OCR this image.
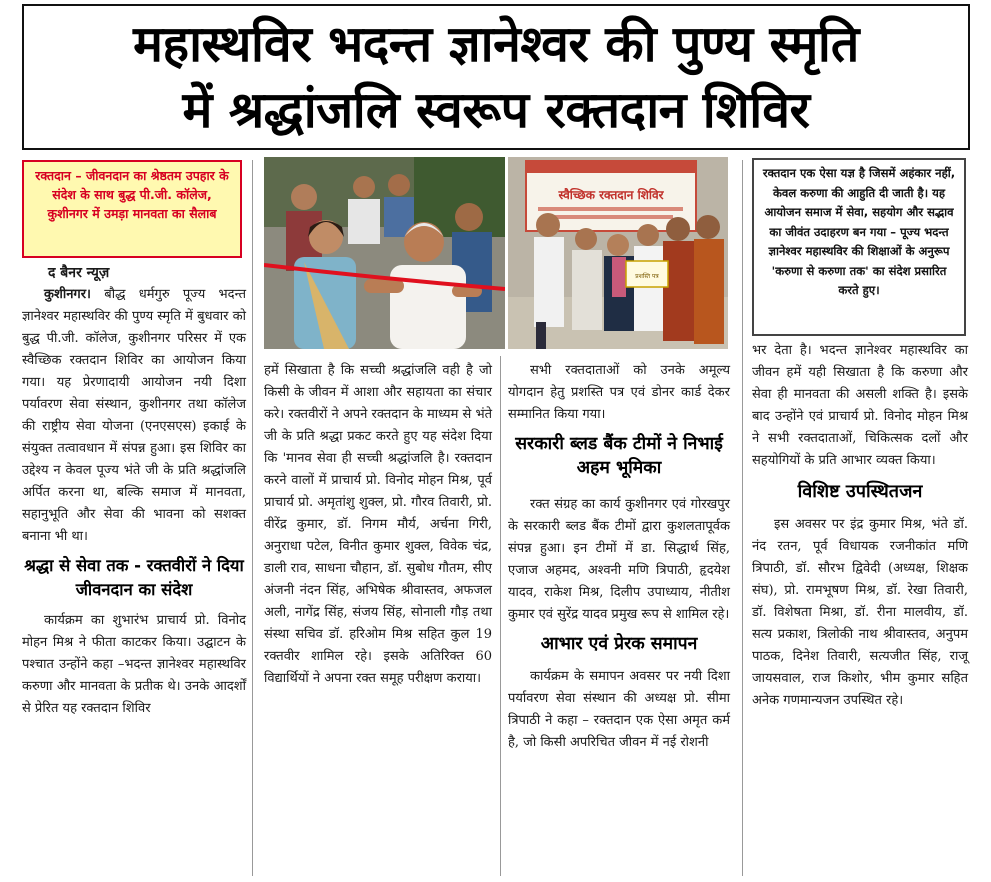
महास्थविर भदन्त ज्ञानेश्वर की पुण्य स्मृति
में श्रद्धांजलि स्वरूप रक्तदान शिविर

रक्तदान – जीवनदान का श्रेष्ठतम उपहार के संदेश के साथ बुद्ध पी.जी. कॉलेज, कुशीनगर में उमड़ा मानवता का सैलाब

स्वैच्छिक रक्तदान शिविर
प्रशस्ति पत्र

रक्तदान एक ऐसा यज्ञ है जिसमें अहंकार नहीं, केवल करुणा की आहुति दी जाती है। यह आयोजन समाज में सेवा, सहयोग और सद्भाव का जीवंत उदाहरण बन गया – पूज्य भदन्त ज्ञानेश्वर महास्थविर की शिक्षाओं के अनुरूप 'करुणा से करुणा तक' का संदेश प्रसारित करते हुए।

द बैनर न्यूज़

कुशीनगर। बौद्ध धर्मगुरु पूज्य भदन्त ज्ञानेश्वर महास्थविर की पुण्य स्मृति में बुधवार को बुद्ध पी.जी. कॉलेज, कुशीनगर परिसर में एक स्वैच्छिक रक्तदान शिविर का आयोजन किया गया। यह प्रेरणादायी आयोजन नयी दिशा पर्यावरण सेवा संस्थान, कुशीनगर तथा कॉलेज की राष्ट्रीय सेवा योजना (एनएसएस) इकाई के संयुक्त तत्वावधान में संपन्न हुआ। इस शिविर का उद्देश्य न केवल पूज्य भंते जी के प्रति श्रद्धांजलि अर्पित करना था, बल्कि समाज में मानवता, सहानुभूति और सेवा की भावना को सशक्त बनाना भी था।

श्रद्धा से सेवा तक - रक्तवीरों ने दिया जीवनदान का संदेश

कार्यक्रम का शुभारंभ प्राचार्य प्रो. विनोद मोहन मिश्र ने फीता काटकर किया। उद्घाटन के पश्चात उन्होंने कहा –भदन्त ज्ञानेश्वर महास्थविर करुणा और मानवता के प्रतीक थे। उनके आदर्शों से प्रेरित यह रक्तदान शिविर

हमें सिखाता है कि सच्ची श्रद्धांजलि वही है जो किसी के जीवन में आशा और सहायता का संचार करे। रक्तवीरों ने अपने रक्तदान के माध्यम से भंते जी के प्रति श्रद्धा प्रकट करते हुए यह संदेश दिया कि 'मानव सेवा ही सच्ची श्रद्धांजलि है। रक्तदान करने वालों में प्राचार्य प्रो. विनोद मोहन मिश्र, पूर्व प्राचार्य प्रो. अमृतांशु शुक्ल, प्रो. गौरव तिवारी, प्रो. वीरेंद्र कुमार, डॉ. निगम मौर्य, अर्चना गिरी, अनुराधा पटेल, विनीत कुमार शुक्ल, विवेक चंद्र, डाली राव, साधना चौहान, डॉ. सुबोध गौतम, सीए अंजनी नंदन सिंह, अभिषेक श्रीवास्तव, अफजल अली, नागेंद्र सिंह, संजय सिंह, सोनाली गौड़ तथा संस्था सचिव डॉ. हरिओम मिश्र सहित कुल 19 रक्तवीर शामिल रहे। इसके अतिरिक्त 60 विद्यार्थियों ने अपना रक्त समूह परीक्षण कराया।

सभी रक्तदाताओं को उनके अमूल्य योगदान हेतु प्रशस्ति पत्र एवं डोनर कार्ड देकर सम्मानित किया गया।

सरकारी ब्लड बैंक टीमों ने निभाई अहम भूमिका

रक्त संग्रह का कार्य कुशीनगर एवं गोरखपुर के सरकारी ब्लड बैंक टीमों द्वारा कुशलतापूर्वक संपन्न हुआ। इन टीमों में डा. सिद्धार्थ सिंह, एजाज अहमद, अश्वनी मणि त्रिपाठी, हृदयेश यादव, राकेश मिश्र, दिलीप उपाध्याय, नीतीश कुमार एवं सुरेंद्र यादव प्रमुख रूप से शामिल रहे।

आभार एवं प्रेरक समापन

कार्यक्रम के समापन अवसर पर नयी दिशा पर्यावरण सेवा संस्थान की अध्यक्ष प्रो. सीमा त्रिपाठी ने कहा – रक्तदान एक ऐसा अमृत कर्म है, जो किसी अपरिचित जीवन में नई रोशनी

भर देता है। भदन्त ज्ञानेश्वर महास्थविर का जीवन हमें यही सिखाता है कि करुणा और सेवा ही मानवता की असली शक्ति है। इसके बाद उन्होंने एवं प्राचार्य प्रो. विनोद मोहन मिश्र ने सभी रक्तदाताओं, चिकित्सक दलों और सहयोगियों के प्रति आभार व्यक्त किया।

विशिष्ट उपस्थितजन

इस अवसर पर इंद्र कुमार मिश्र, भंते डॉ. नंद रतन, पूर्व विधायक रजनीकांत मणि त्रिपाठी, डॉ. सौरभ द्विवेदी (अध्यक्ष, शिक्षक संघ), प्रो. रामभूषण मिश्र, डॉ. रेखा तिवारी, डॉ. विशेषता मिश्रा, डॉ. रीना मालवीय, डॉ. सत्य प्रकाश, त्रिलोकी नाथ श्रीवास्तव, अनुपम पाठक, दिनेश तिवारी, सत्यजीत सिंह, राजू जायसवाल, राज किशोर, भीम कुमार सहित अनेक गणमान्यजन उपस्थित रहे।
